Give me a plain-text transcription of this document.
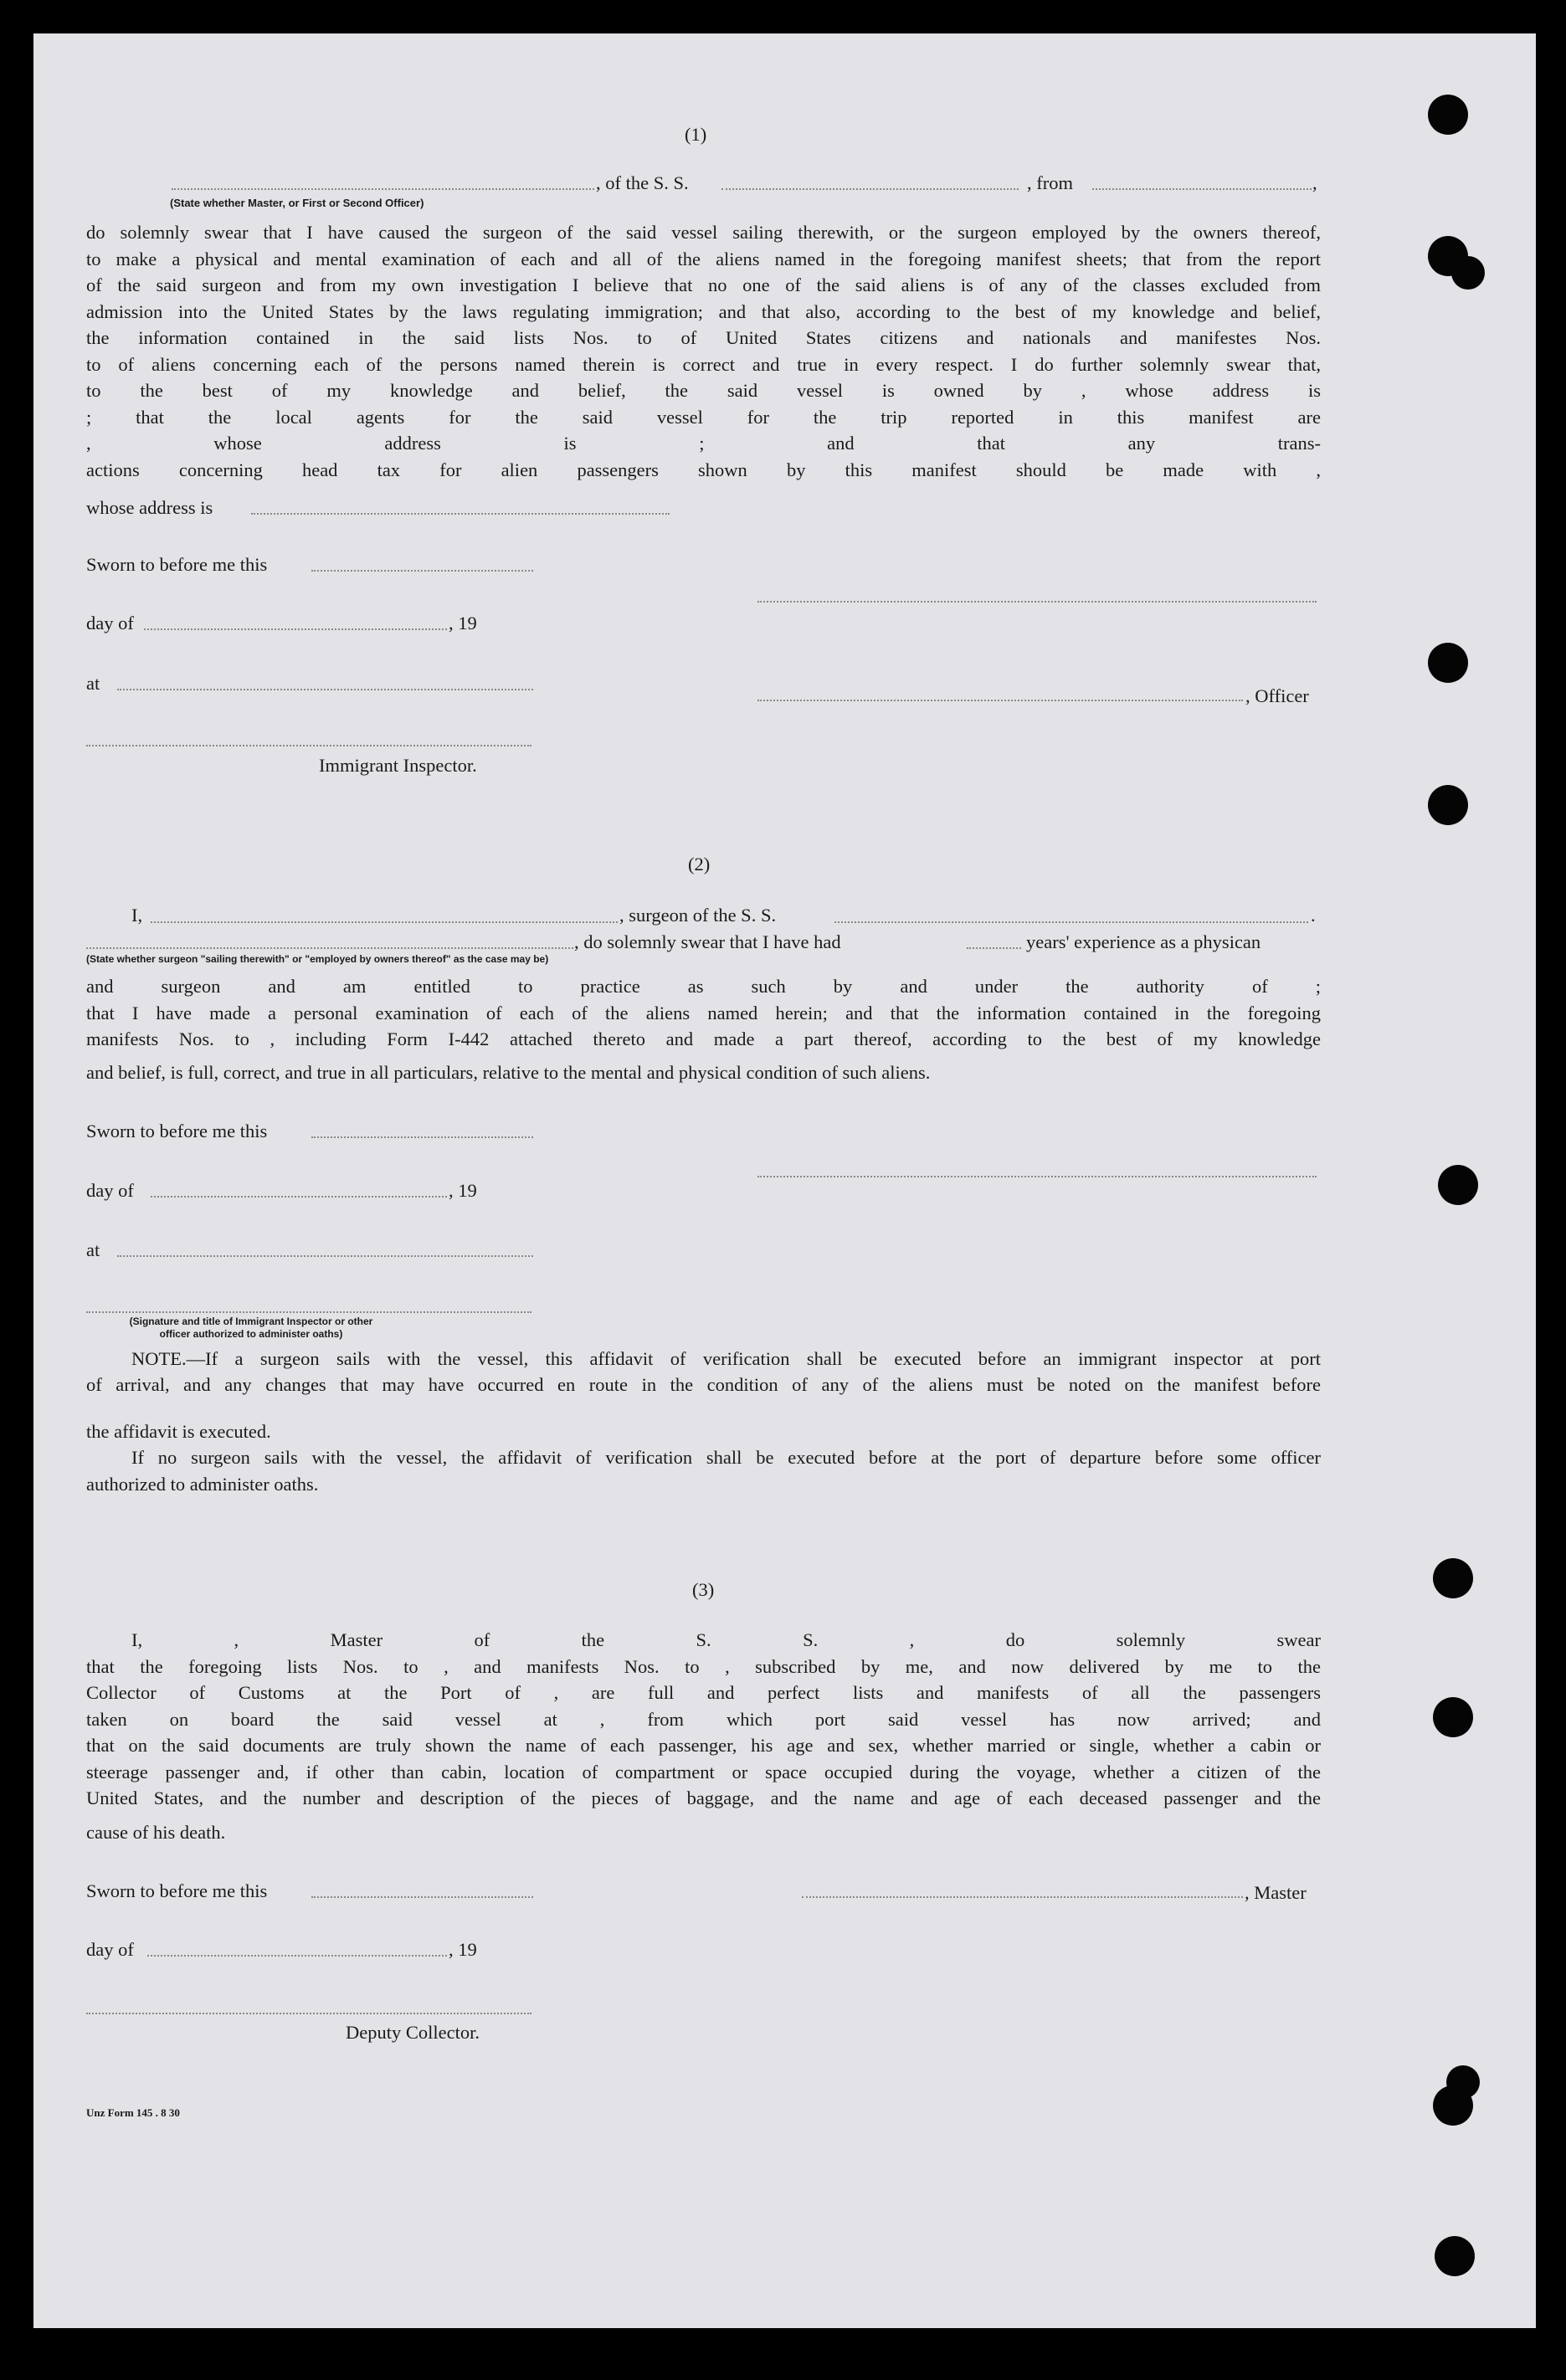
(1)
, of the S. S.	, from	,
(State whether Master, or First or Second Officer)
do solemnly swear that I have caused the surgeon of the said vessel sailing therewith, or the surgeon employed by the owners thereof,
to make a physical and mental examination of each and all of the aliens named in the foregoing manifest sheets; that from the report
of the said surgeon and from my own investigation I believe that no one of the said aliens is of any of the classes excluded from
admission into the United States by the laws regulating immigration; and that also, according to the best of my knowledge and belief,
the information contained in the said lists Nos. to of United States citizens and nationals and manifestes Nos.
to of aliens concerning each of the persons named therein is correct and true in every respect. I do further solemnly swear that,
to the best of my knowledge and belief, the said vessel is owned by , whose address is
; that the local agents for the said vessel for the trip reported in this manifest are
, whose address is ; and that any trans-
actions concerning head tax for alien passengers shown by this manifest should be made with ,
whose address is
Sworn to before me this
day of	, 19
at
, Officer
Immigrant Inspector.
(2)
I,	, surgeon of the S. S.	.
, do solemnly swear that I have had	years' experience as a physican
(State whether surgeon "sailing therewith" or "employed by owners thereof" as the case may be)
and surgeon and am entitled to practice as such by and under the authority of ;
that I have made a personal examination of each of the aliens named herein; and that the information contained in the foregoing
manifests Nos. to , including Form I-442 attached thereto and made a part thereof, according to the best of my knowledge
and belief, is full, correct, and true in all particulars, relative to the mental and physical condition of such aliens.
Sworn to before me this
day of	, 19
at
(Signature and title of Immigrant Inspector or other
officer authorized to administer oaths)
NOTE.—If a surgeon sails with the vessel, this affidavit of verification shall be executed before an immigrant inspector at port
of arrival, and any changes that may have occurred en route in the condition of any of the aliens must be noted on the manifest before
the affidavit is executed.
If no surgeon sails with the vessel, the affidavit of verification shall be executed before at the port of departure before some officer
authorized to administer oaths.
(3)
I, , Master of the S. S. , do solemnly swear
that the foregoing lists Nos. to , and manifests Nos. to , subscribed by me, and now delivered by me to the
Collector of Customs at the Port of , are full and perfect lists and manifests of all the passengers
taken on board the said vessel at , from which port said vessel has now arrived; and
that on the said documents are truly shown the name of each passenger, his age and sex, whether married or single, whether a cabin or
steerage passenger and, if other than cabin, location of compartment or space occupied during the voyage, whether a citizen of the
United States, and the number and description of the pieces of baggage, and the name and age of each deceased passenger and the
cause of his death.
Sworn to before me this	, Master
day of	, 19
Deputy Collector.
Unz Form 145 . 8 30
